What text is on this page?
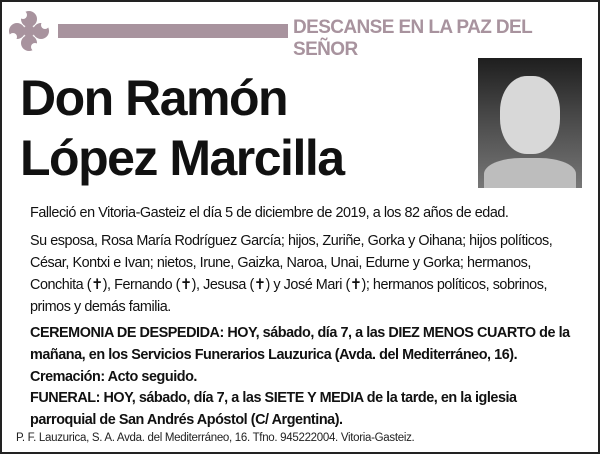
DESCANSE EN LA PAZ DEL SEÑOR
Don Ramón
López Marcilla
Falleció en Vitoria-Gasteiz el día 5 de diciembre de 2019, a los 82 años de edad.
Su esposa, Rosa María Rodríguez García; hijos, Zuriñe, Gorka y Oihana; hijos políticos, César, Kontxi e Ivan; nietos, Irune, Gaizka, Naroa, Unai, Edurne y Gorka; hermanos, Conchita (✝), Fernando (✝), Jesusa (✝) y José Mari (✝); hermanos políticos, sobrinos, primos y demás familia.
CEREMONIA DE DESPEDIDA: HOY, sábado, día 7, a las DIEZ MENOS CUARTO de la mañana, en los Servicios Funerarios Lauzurica (Avda. del Mediterráneo, 16). Cremación: Acto seguido.
FUNERAL: HOY, sábado, día 7, a las SIETE Y MEDIA de la tarde, en la iglesia parroquial de San Andrés Apóstol (C/ Argentina).
P. F. Lauzurica, S. A. Avda. del Mediterráneo, 16. Tfno. 945222004. Vitoria-Gasteiz.
